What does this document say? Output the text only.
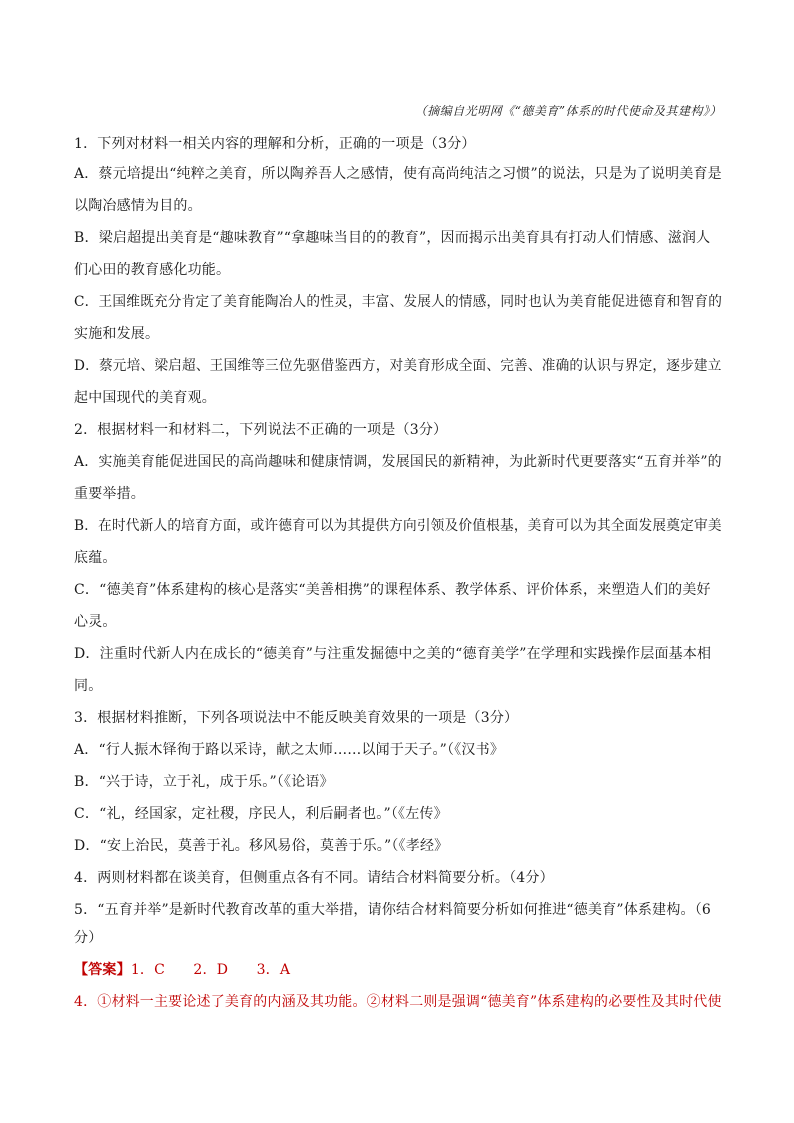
（摘编自光明网《“德美育”体系的时代使命及其建构》）
1．下列对材料一相关内容的理解和分析，正确的一项是（3分）
A．蔡元培提出“纯粹之美育，所以陶养吾人之感情，使有高尚纯洁之习惯”的说法，只是为了说明美育是
以陶冶感情为目的。
B．梁启超提出美育是“趣味教育”“拿趣味当目的的教育”，因而揭示出美育具有打动人们情感、滋润人
们心田的教育感化功能。
C．王国维既充分肯定了美育能陶冶人的性灵，丰富、发展人的情感，同时也认为美育能促进德育和智育的
实施和发展。
D．蔡元培、梁启超、王国维等三位先驱借鉴西方，对美育形成全面、完善、准确的认识与界定，逐步建立
起中国现代的美育观。
2．根据材料一和材料二，下列说法不正确的一项是（3分）
A．实施美育能促进国民的高尚趣味和健康情调，发展国民的新精神，为此新时代更要落实“五育并举”的
重要举措。
B．在时代新人的培育方面，或许德育可以为其提供方向引领及价值根基，美育可以为其全面发展奠定审美
底蕴。
C．“德美育”体系建构的核心是落实“美善相携”的课程体系、教学体系、评价体系，来塑造人们的美好
心灵。
D．注重时代新人内在成长的“德美育”与注重发掘德中之美的“德育美学”在学理和实践操作层面基本相
同。
3．根据材料推断，下列各项说法中不能反映美育效果的一项是（3分）
A．“行人振木铎徇于路以采诗，献之太师……以闻于天子。”（《汉书》
B．“兴于诗，立于礼，成于乐。”（《论语》
C．“礼，经国家，定社稷，序民人，利后嗣者也。”（《左传》
D．“安上治民，莫善于礼。移风易俗，莫善于乐。”（《孝经》
4．两则材料都在谈美育，但侧重点各有不同。请结合材料简要分析。（4分）
5．“五育并举”是新时代教育改革的重大举措，请你结合材料简要分析如何推进“德美育”体系建构。（6
分）
【答案】1．C　　2．D　　3．A
4．①材料一主要论述了美育的内涵及其功能。②材料二则是强调“德美育”体系建构的必要性及其时代使
